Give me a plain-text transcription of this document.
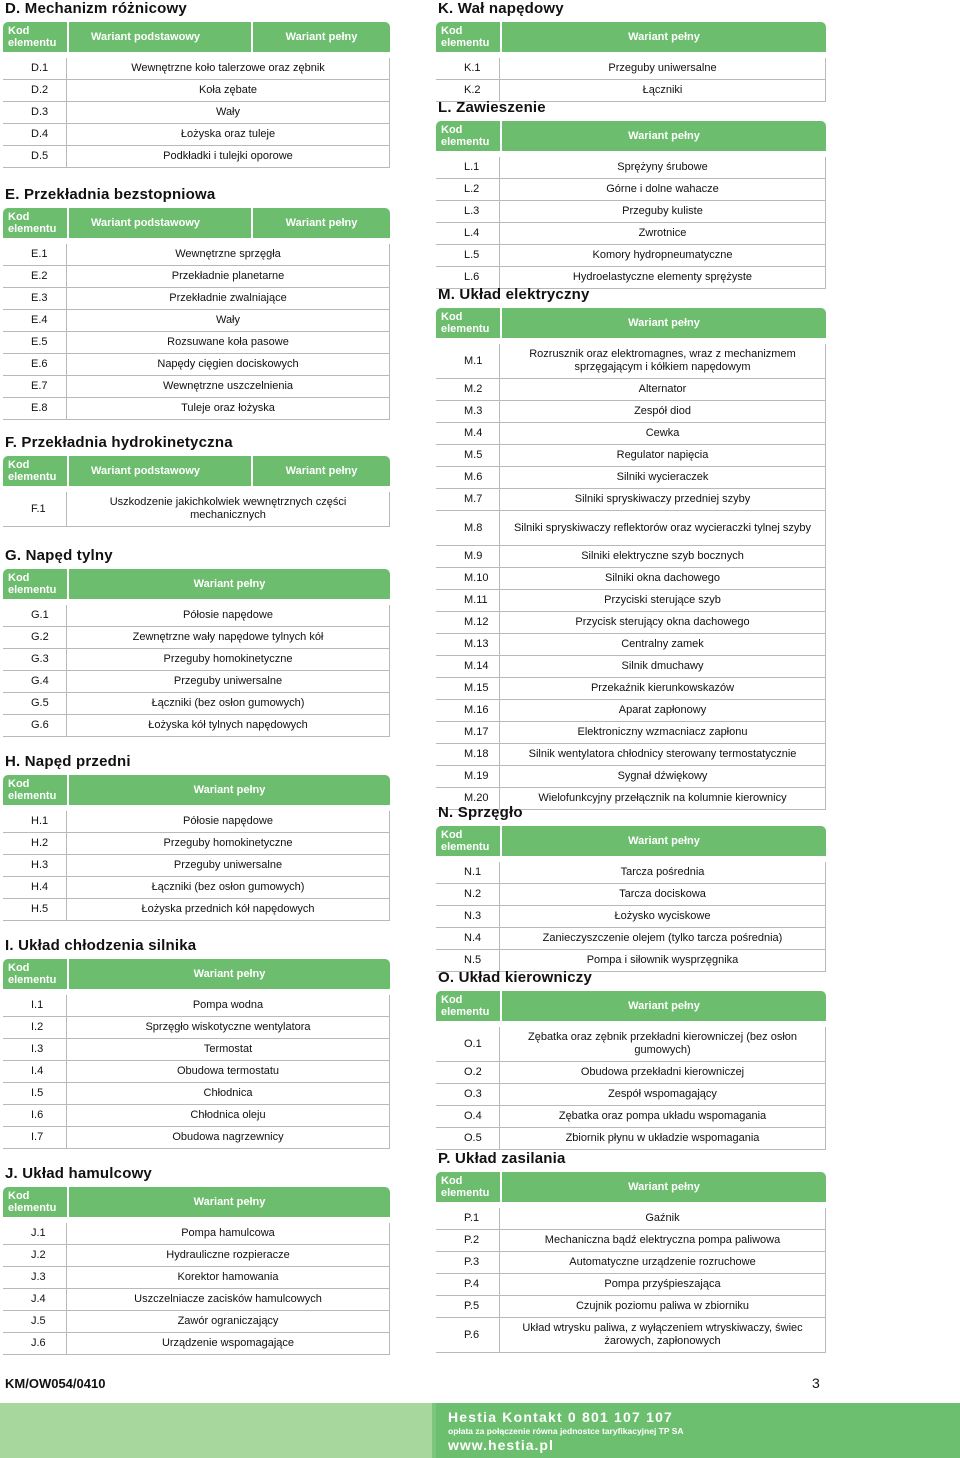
D. Mechanizm różnicowy
Kod
elementu	Wariant podstawowy	Wariant pełny
D.1	Wewnętrzne koło talerzowe oraz zębnik
D.2	Koła zębate
D.3	Wały
D.4	Łożyska oraz tuleje
D.5	Podkładki i tulejki oporowe
E. Przekładnia bezstopniowa
Kod
elementu	Wariant podstawowy	Wariant pełny
E.1	Wewnętrzne sprzęgła
E.2	Przekładnie planetarne
E.3	Przekładnie zwalniające
E.4	Wały
E.5	Rozsuwane koła pasowe
E.6	Napędy cięgien dociskowych
E.7	Wewnętrzne uszczelnienia
E.8	Tuleje oraz łożyska
F. Przekładnia hydrokinetyczna
Kod
elementu	Wariant podstawowy	Wariant pełny
F.1
Uszkodzenie jakichkolwiek wewnętrznych części mechanicznych
G. Napęd tylny
Kod
elementu	Wariant pełny
G.1	Półosie napędowe
G.2	Zewnętrzne wały napędowe tylnych kół
G.3	Przeguby homokinetyczne
G.4	Przeguby uniwersalne
G.5	Łączniki (bez osłon gumowych)
G.6	Łożyska kół tylnych napędowych
H. Napęd przedni
Kod
elementu	Wariant pełny
H.1	Półosie napędowe
H.2	Przeguby homokinetyczne
H.3	Przeguby uniwersalne
H.4	Łączniki (bez osłon gumowych)
H.5	Łożyska przednich kół napędowych
I. Układ chłodzenia silnika
Kod
elementu	Wariant pełny
I.1	Pompa wodna
I.2	Sprzęgło wiskotyczne wentylatora
I.3	Termostat
I.4	Obudowa termostatu
I.5	Chłodnica
I.6	Chłodnica oleju
I.7	Obudowa nagrzewnicy
J. Układ hamulcowy
Kod
elementu	Wariant pełny
J.1	Pompa hamulcowa
J.2	Hydrauliczne rozpieracze
J.3	Korektor hamowania
J.4	Uszczelniacze zacisków hamulcowych
J.5	Zawór ograniczający
J.6	Urządzenie wspomagające
K. Wał napędowy
Kod
elementu	Wariant pełny
K.1	Przeguby uniwersalne
K.2	Łączniki
L. Zawieszenie
Kod
elementu	Wariant pełny
L.1	Sprężyny śrubowe
L.2	Górne i dolne wahacze
L.3	Przeguby kuliste
L.4	Zwrotnice
L.5	Komory hydropneumatyczne
L.6	Hydroelastyczne elementy sprężyste
M. Układ elektryczny
Kod
elementu	Wariant pełny
M.1
Rozrusznik oraz elektromagnes, wraz z mechanizmem sprzęgającym i kółkiem napędowym
M.2	Alternator
M.3	Zespół diod
M.4	Cewka
M.5	Regulator napięcia
M.6	Silniki wycieraczek
M.7	Silniki spryskiwaczy przedniej szyby
M.8	Silniki spryskiwaczy reflektorów oraz wycieraczki tylnej szyby
M.9	Silniki elektryczne szyb bocznych
M.10	Silniki okna dachowego
M.11	Przyciski sterujące szyb
M.12	Przycisk sterujący okna dachowego
M.13	Centralny zamek
M.14	Silnik dmuchawy
M.15	Przekaźnik kierunkowskazów
M.16	Aparat zapłonowy
M.17	Elektroniczny wzmacniacz zapłonu
M.18	Silnik wentylatora chłodnicy sterowany termostatycznie
M.19	Sygnał dźwiękowy
M.20	Wielofunkcyjny przełącznik na kolumnie kierownicy
N. Sprzęgło
Kod
elementu	Wariant pełny
N.1	Tarcza pośrednia
N.2	Tarcza dociskowa
N.3	Łożysko wyciskowe
N.4	Zanieczyszczenie olejem (tylko tarcza pośrednia)
N.5	Pompa i siłownik wysprzęgnika
O. Układ kierowniczy
Kod
elementu	Wariant pełny
O.1
Zębatka oraz zębnik przekładni kierowniczej (bez osłon gumowych)
O.2	Obudowa przekładni kierowniczej
O.3	Zespół wspomagający
O.4	Zębatka oraz pompa układu wspomagania
O.5	Zbiornik płynu w układzie wspomagania
P. Układ zasilania
Kod
elementu	Wariant pełny
P.1	Gaźnik
P.2	Mechaniczna bądź elektryczna pompa paliwowa
P.3	Automatyczne urządzenie rozruchowe
P.4	Pompa przyśpieszająca
P.5	Czujnik poziomu paliwa w zbiorniku
P.6
Układ wtrysku paliwa, z wyłączeniem wtryskiwaczy, świec żarowych, zapłonowych
KM/OW054/0410	3
Hestia Kontakt 0 801 107 107
opłata za połączenie równa jednostce taryfikacyjnej TP SA
www.hestia.pl
